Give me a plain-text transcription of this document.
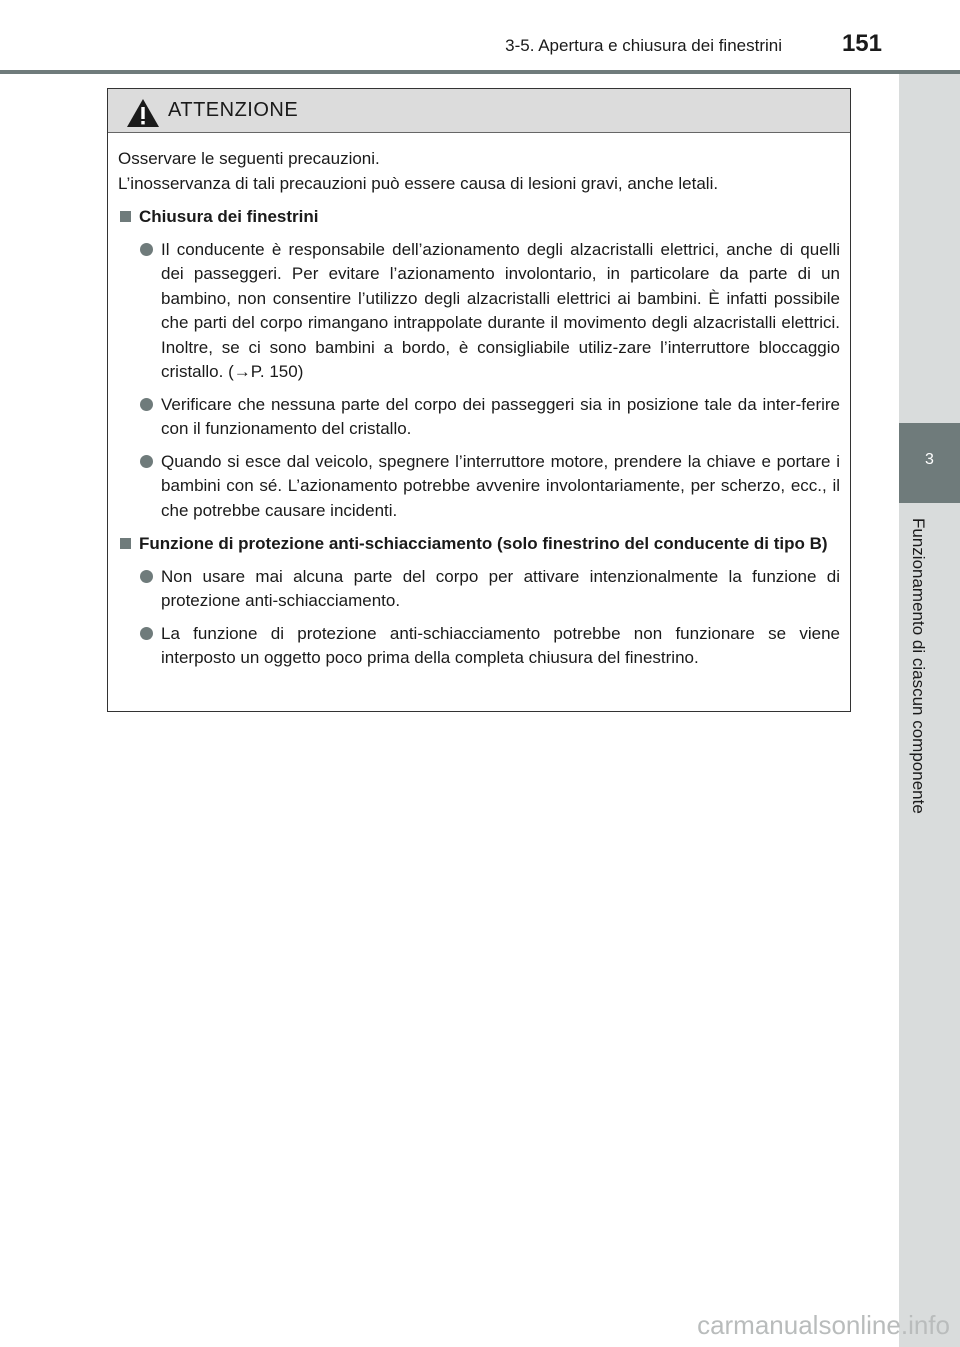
3-5. Apertura e chiusura dei finestrini 151
3
Funzionamento di ciascun componente
ATTENZIONE

Osservare le seguenti precauzioni.

L’inosservanza di tali precauzioni può essere causa di lesioni gravi, anche letali.

Chiusura dei finestrini
Il conducente è responsabile dell’azionamento degli alzacristalli elettrici, anche di quelli dei passeggeri. Per evitare l’azionamento involontario, in particolare da parte di un bambino, non consentire l’utilizzo degli alzacristalli elettrici ai bambini. È infatti possibile che parti del corpo rimangano intrappolate durante il movimento degli alzacristalli elettrici. Inoltre, se ci sono bambini a bordo, è consigliabile utiliz-zare l’interruttore bloccaggio cristallo. (→P. 150)
Verificare che nessuna parte del corpo dei passeggeri sia in posizione tale da inter-ferire con il funzionamento del cristallo.
Quando si esce dal veicolo, spegnere l’interruttore motore, prendere la chiave e portare i bambini con sé. L’azionamento potrebbe avvenire involontariamente, per scherzo, ecc., il che potrebbe causare incidenti.
Funzione di protezione anti-schiacciamento (solo finestrino del conducente di tipo B)
Non usare mai alcuna parte del corpo per attivare intenzionalmente la funzione di protezione anti-schiacciamento.
La funzione di protezione anti-schiacciamento potrebbe non funzionare se viene interposto un oggetto poco prima della completa chiusura del finestrino.
carmanualsonline.info
